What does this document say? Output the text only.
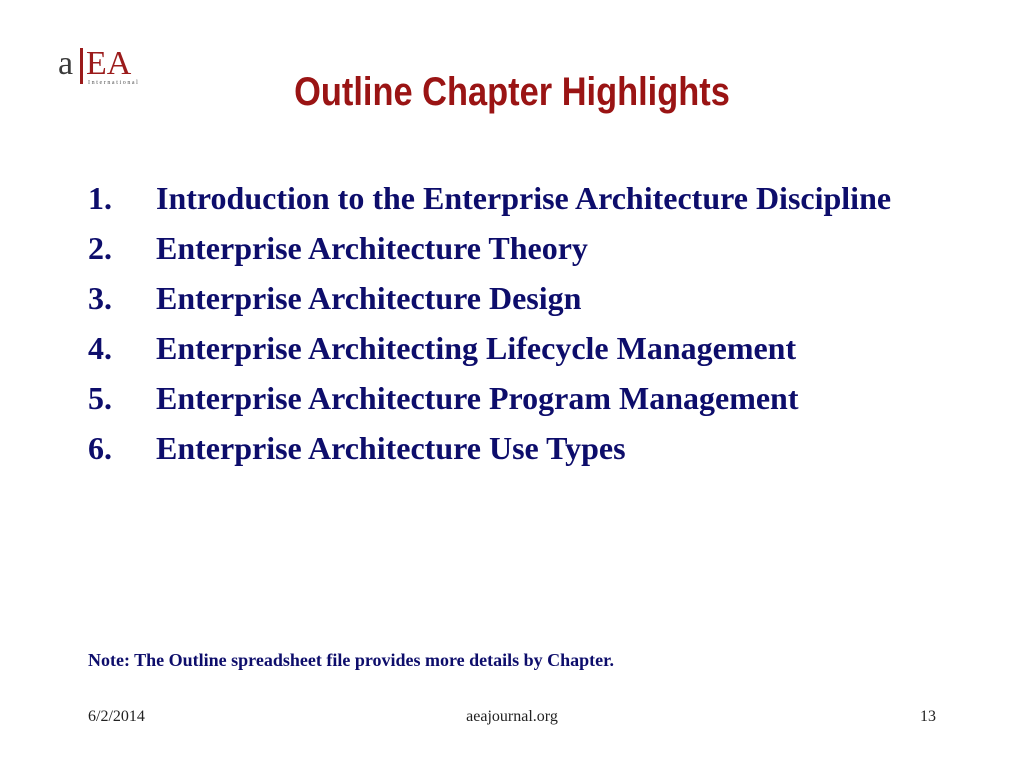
a EA
International	Outline Chapter Highlights
1.	Introduction to the Enterprise Architecture Discipline
2.	Enterprise Architecture Theory
3.	Enterprise Architecture Design
4.	Enterprise Architecting Lifecycle Management
5.	Enterprise Architecture Program Management
6.	Enterprise Architecture Use Types
Note: The Outline spreadsheet file provides more details by Chapter.
6/2/2014	aeajournal.org	13
